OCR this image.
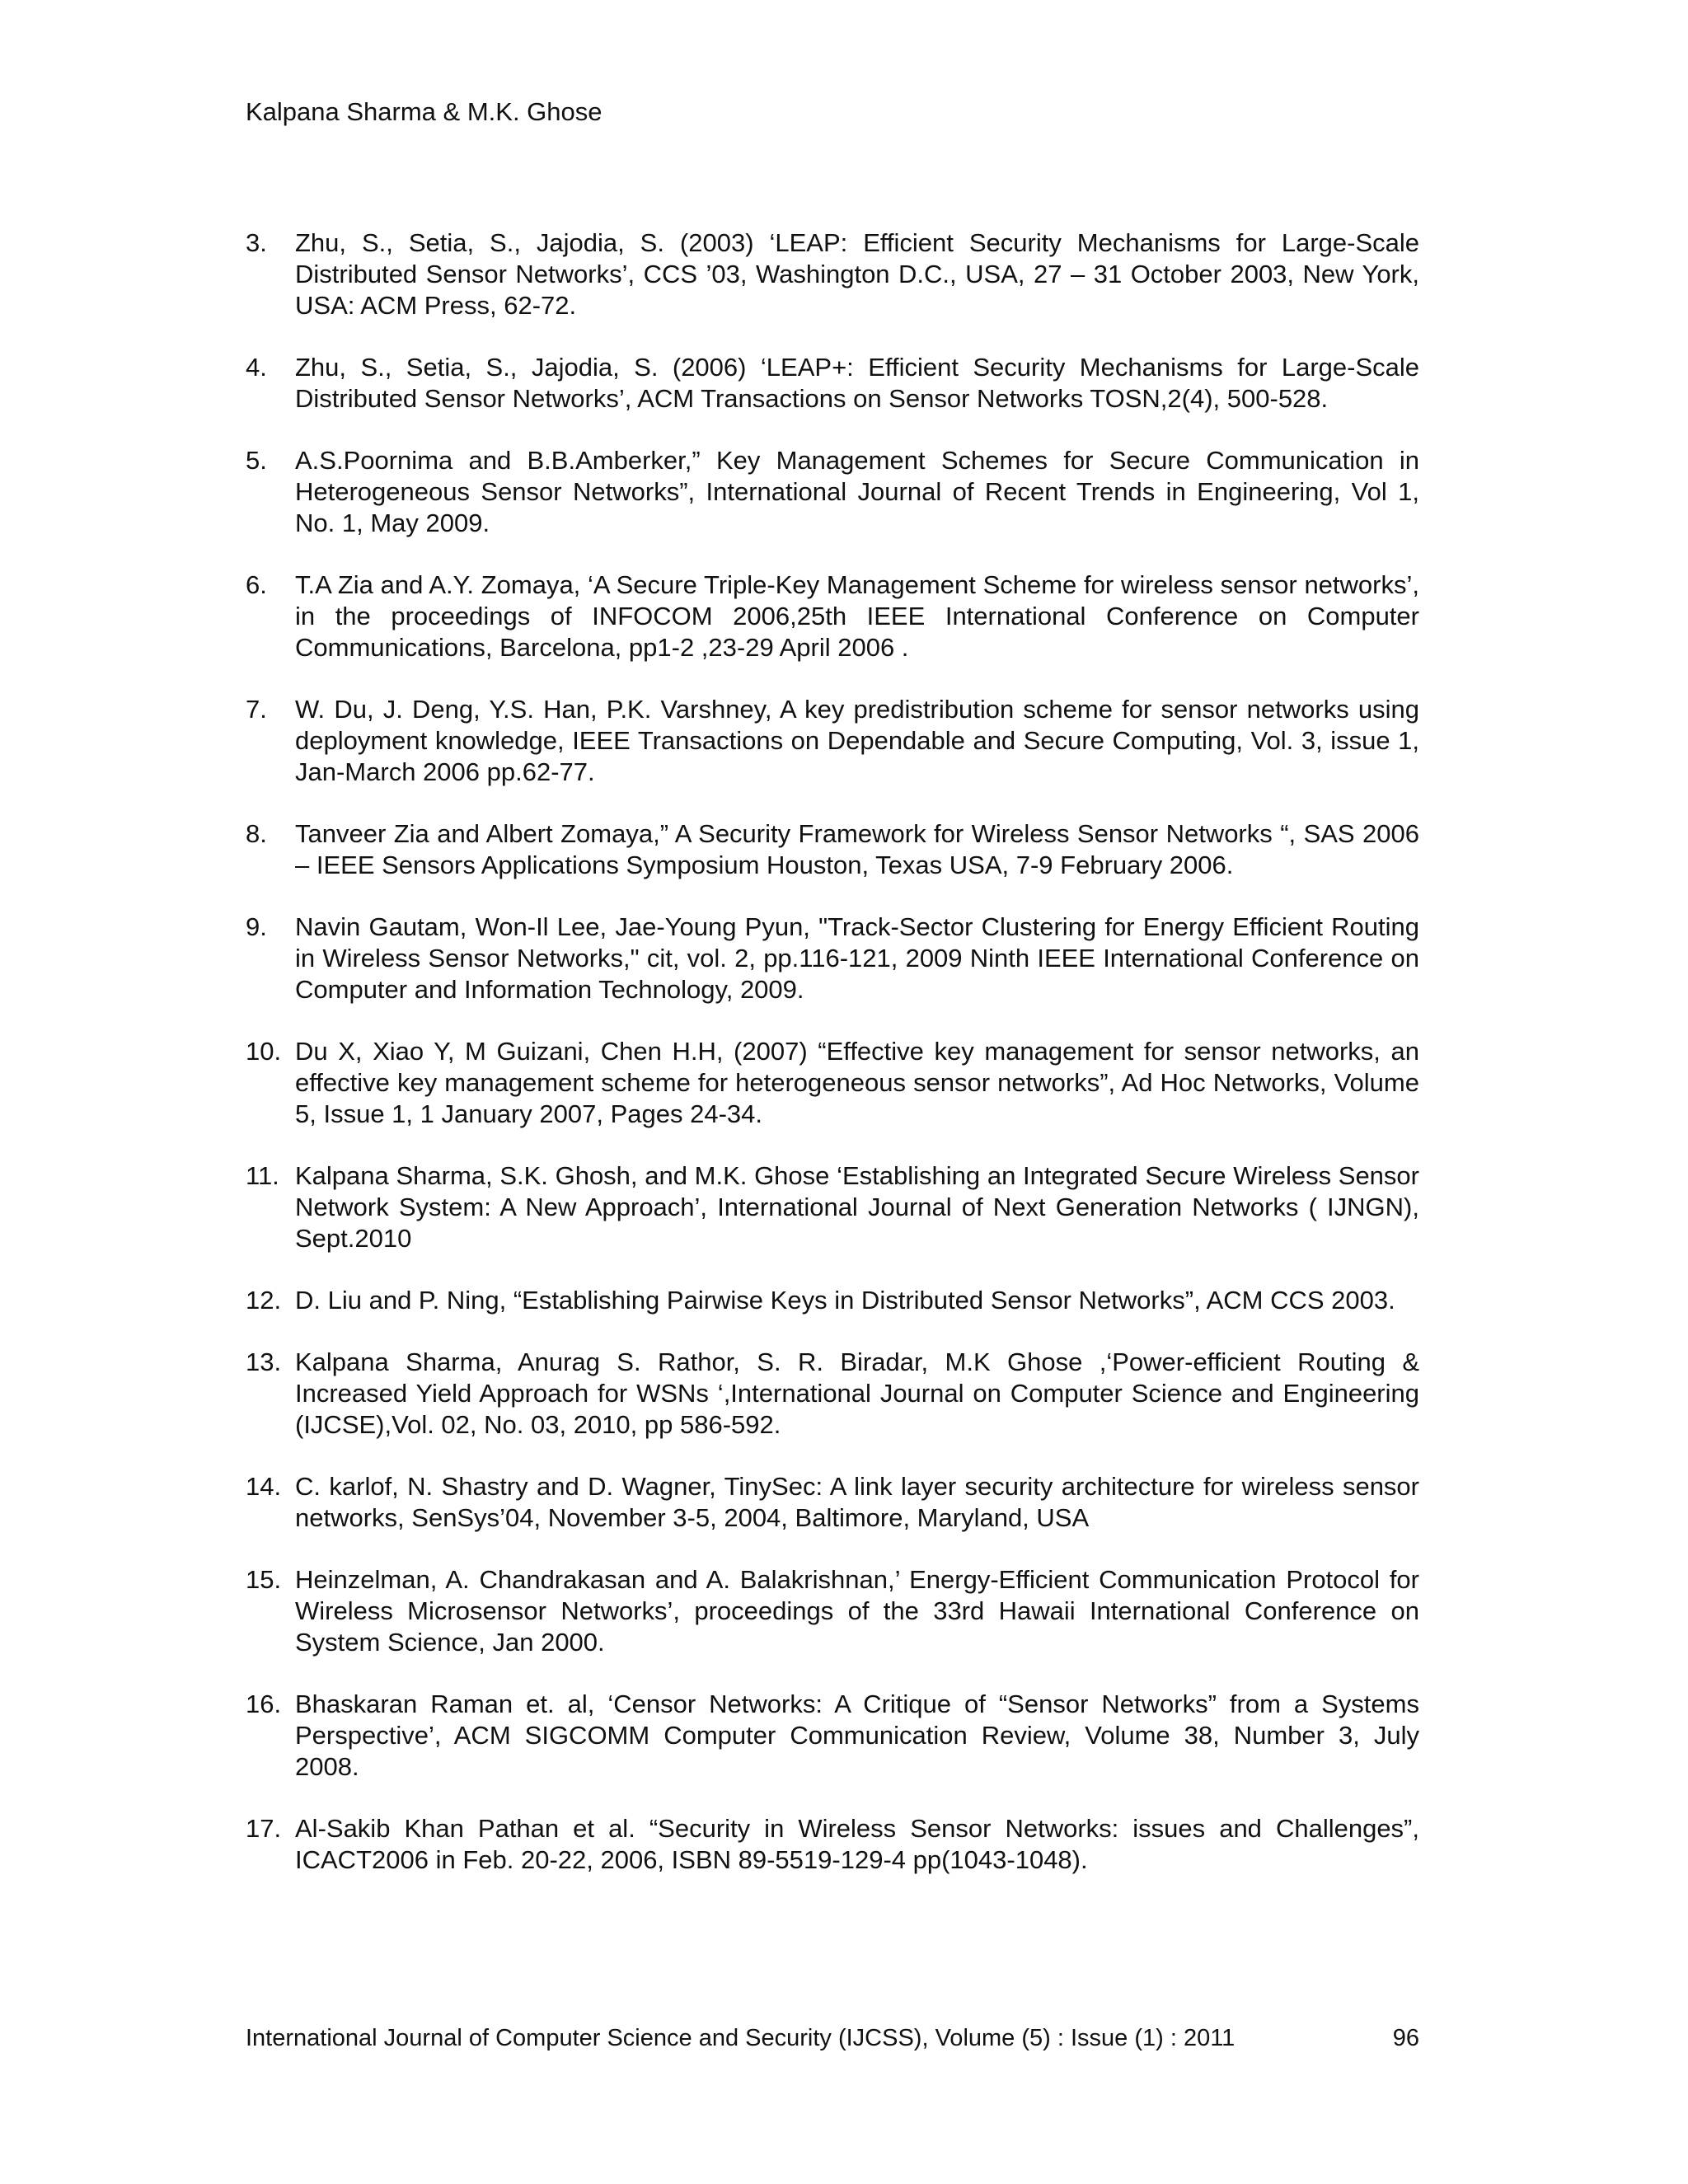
Kalpana Sharma & M.K. Ghose
3.	Zhu, S., Setia, S., Jajodia, S. (2003) ‘LEAP: Efficient Security Mechanisms for Large-Scale Distributed Sensor Networks’, CCS ’03, Washington D.C., USA, 27 – 31 October 2003, New York, USA: ACM Press, 62-72.
4.	Zhu, S., Setia, S., Jajodia, S. (2006) ‘LEAP+: Efficient Security Mechanisms for Large-Scale Distributed Sensor Networks’, ACM Transactions on Sensor Networks TOSN,2(4), 500-528.
5.	A.S.Poornima and B.B.Amberker,” Key Management Schemes for Secure Communication in Heterogeneous Sensor Networks”, International Journal of Recent Trends in Engineering, Vol 1, No. 1, May 2009.
6.	T.A Zia and A.Y. Zomaya, ‘A Secure Triple-Key Management Scheme for wireless sensor networks’, in the proceedings of INFOCOM 2006,25th IEEE International Conference on Computer Communications, Barcelona, pp1-2 ,23-29 April 2006 .
7.	W. Du, J. Deng, Y.S. Han, P.K. Varshney, A key predistribution scheme for sensor networks using deployment knowledge, IEEE Transactions on Dependable and Secure Computing, Vol. 3, issue 1, Jan-March 2006 pp.62-77.
8.	Tanveer Zia and Albert Zomaya,” A Security Framework for Wireless Sensor Networks “, SAS 2006 – IEEE Sensors Applications Symposium Houston, Texas USA, 7-9 February 2006.
9.	Navin Gautam, Won-Il Lee, Jae-Young Pyun, "Track-Sector Clustering for Energy Efficient Routing in Wireless Sensor Networks," cit, vol. 2, pp.116-121, 2009 Ninth IEEE International Conference on Computer and Information Technology, 2009.
10. Du X, Xiao Y, M Guizani, Chen H.H, (2007) “Effective key management for sensor networks, an effective key management scheme for heterogeneous sensor networks”, Ad Hoc Networks, Volume 5, Issue 1, 1 January 2007, Pages 24-34.
11. Kalpana Sharma, S.K. Ghosh, and M.K. Ghose ‘Establishing an Integrated Secure Wireless Sensor Network System: A New Approach’, International Journal of Next Generation Networks ( IJNGN), Sept.2010
12. D. Liu and P. Ning, “Establishing Pairwise Keys in Distributed Sensor Networks”, ACM CCS 2003.
13. Kalpana Sharma, Anurag S. Rathor, S. R. Biradar, M.K Ghose ,‘Power-efficient Routing & Increased Yield Approach for WSNs ‘,International Journal on Computer Science and Engineering (IJCSE),Vol. 02, No. 03, 2010, pp 586-592.
14. C. karlof, N. Shastry and D. Wagner, TinySec: A link layer security architecture for wireless sensor networks, SenSys’04, November 3-5, 2004, Baltimore, Maryland, USA
15. Heinzelman, A. Chandrakasan and A. Balakrishnan,’ Energy-Efficient Communication Protocol for Wireless Microsensor Networks’, proceedings of the 33rd Hawaii International Conference on System Science, Jan 2000.
16. Bhaskaran Raman et. al, ‘Censor Networks: A Critique of “Sensor Networks” from a Systems Perspective’, ACM SIGCOMM Computer Communication Review, Volume 38, Number 3, July 2008.
17. Al-Sakib Khan Pathan et al. “Security in Wireless Sensor Networks: issues and Challenges”, ICACT2006 in Feb. 20-22, 2006, ISBN 89-5519-129-4 pp(1043-1048).
International Journal of Computer Science and Security (IJCSS), Volume (5) : Issue (1) : 2011	96
